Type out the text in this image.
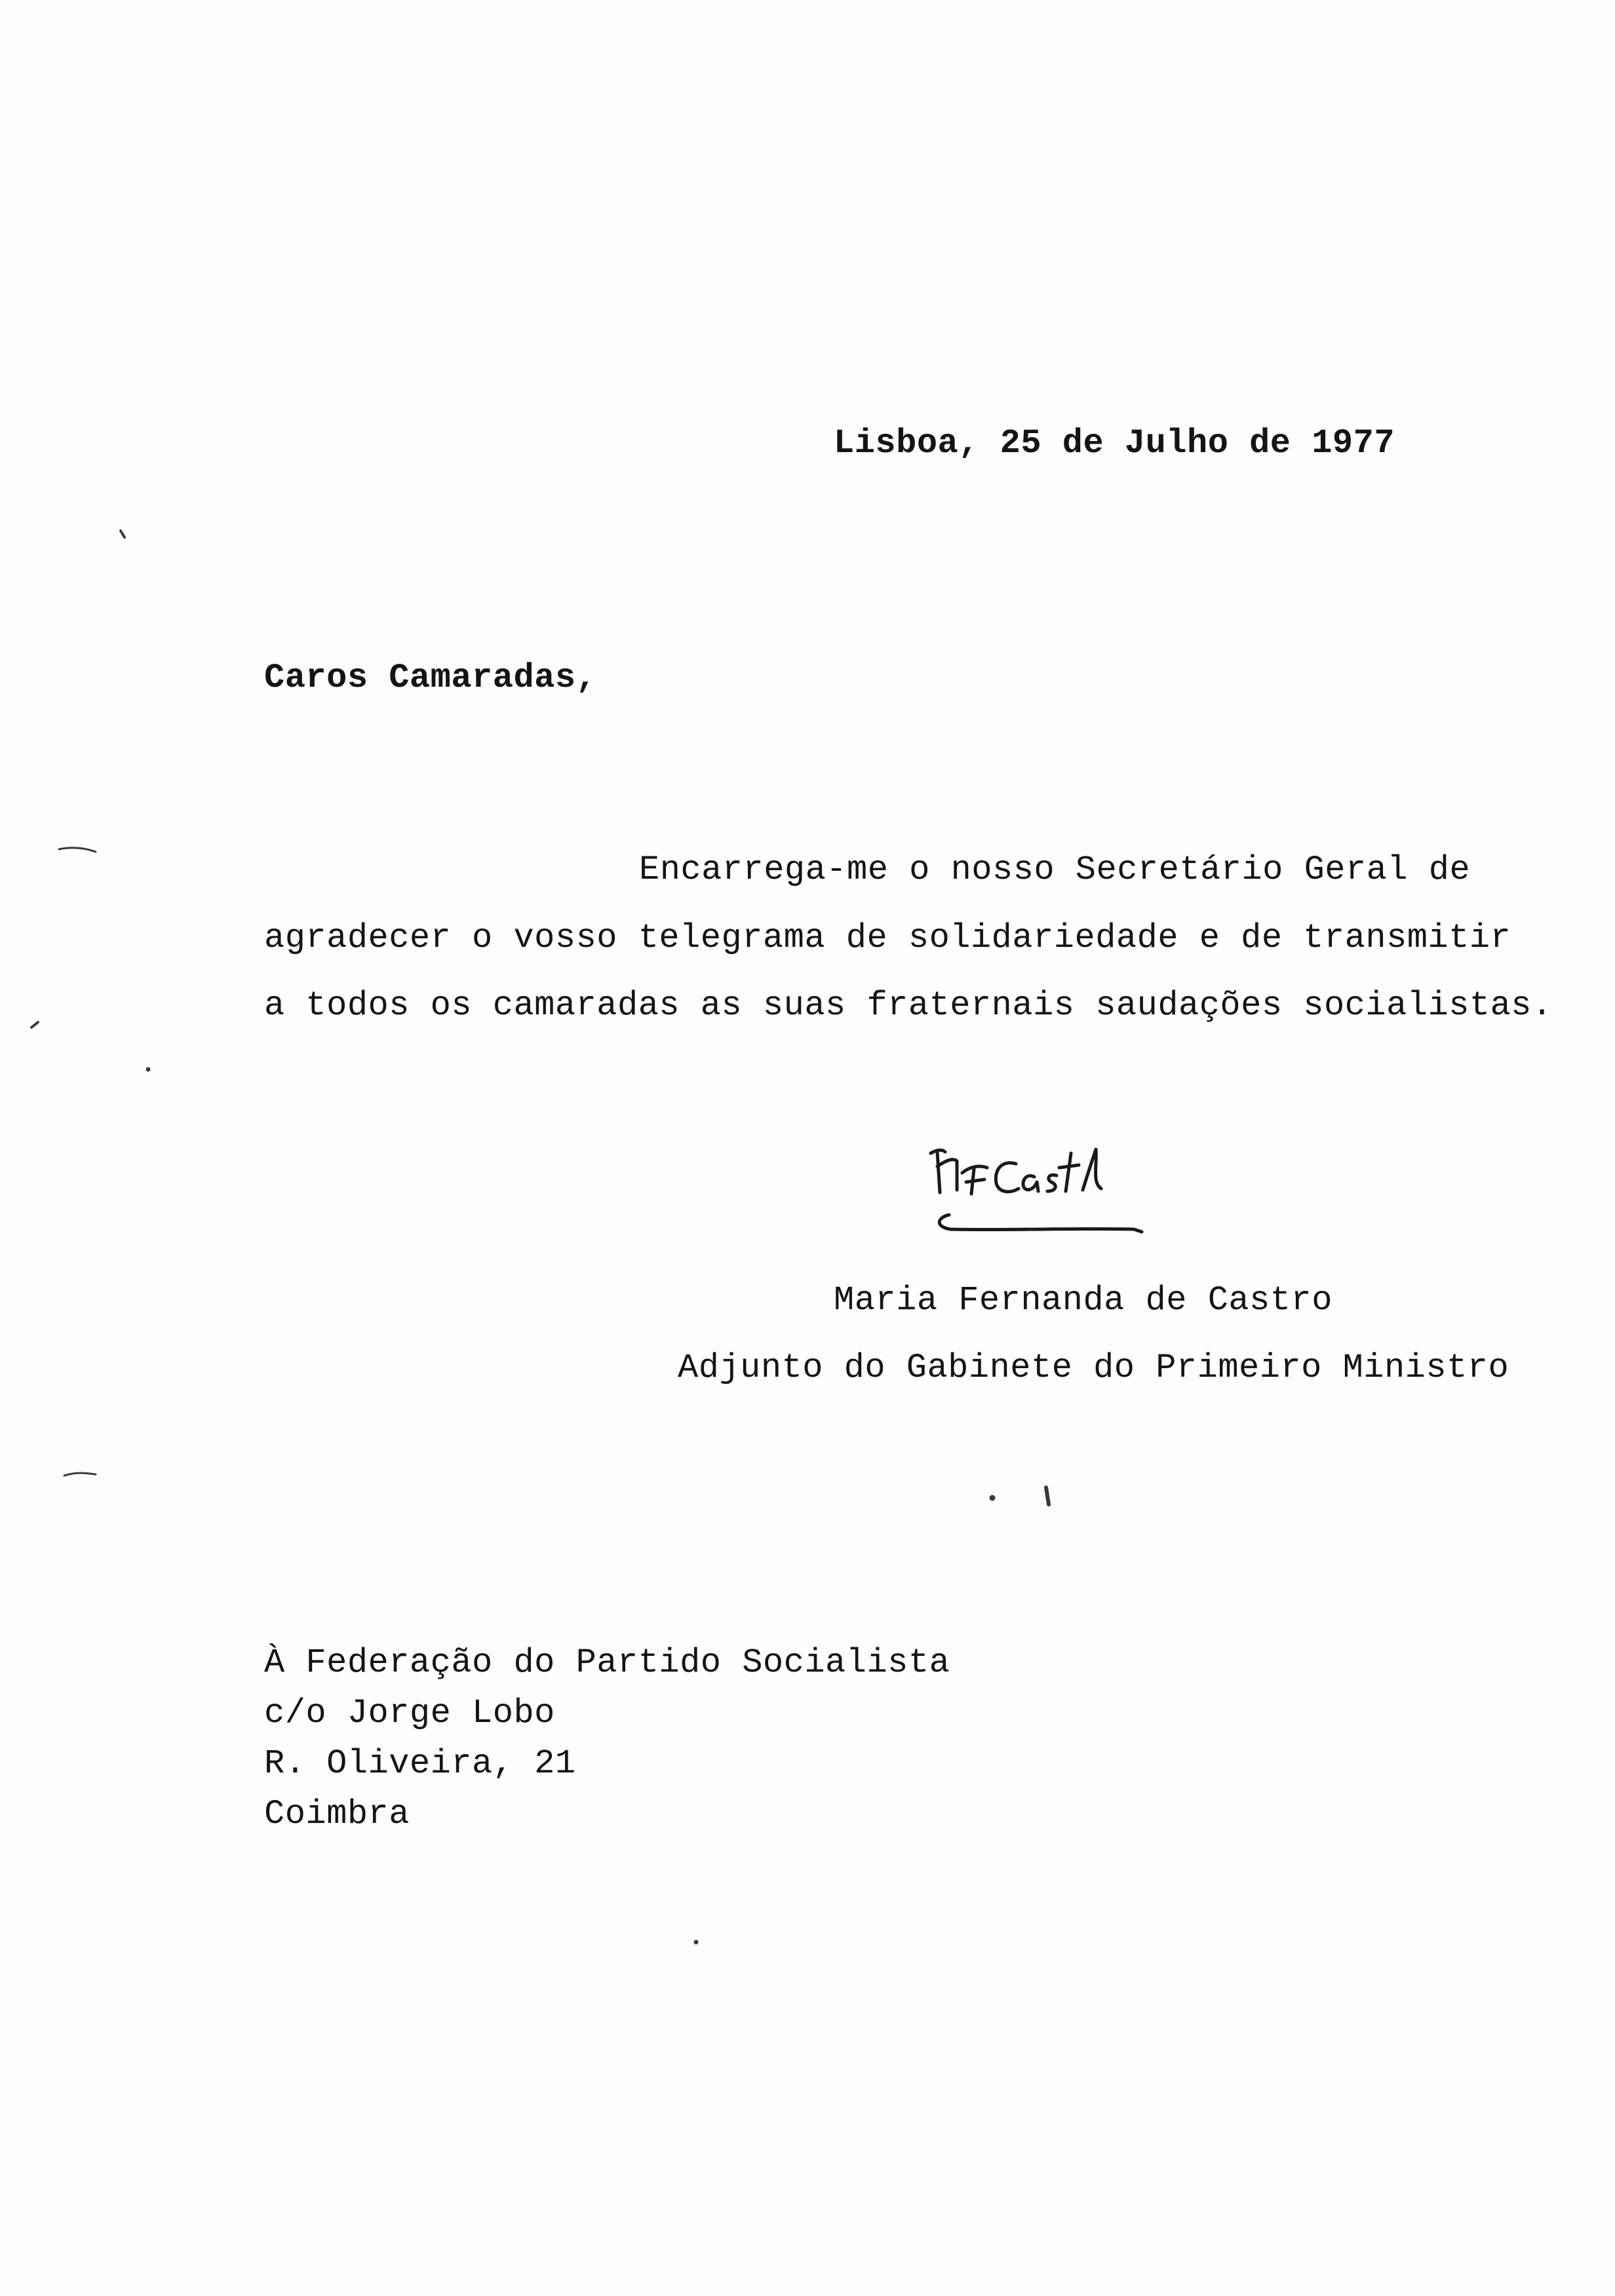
Lisboa, 25 de Julho de 1977
Caros Camaradas,
Encarrega-me o nosso Secretário Geral de
agradecer o vosso telegrama de solidariedade e de transmitir
a todos os camaradas as suas fraternais saudações socialistas.
Maria Fernanda de Castro
Adjunto do Gabinete do Primeiro Ministro
À Federação do Partido Socialista
c/o Jorge Lobo
R. Oliveira, 21
Coimbra
